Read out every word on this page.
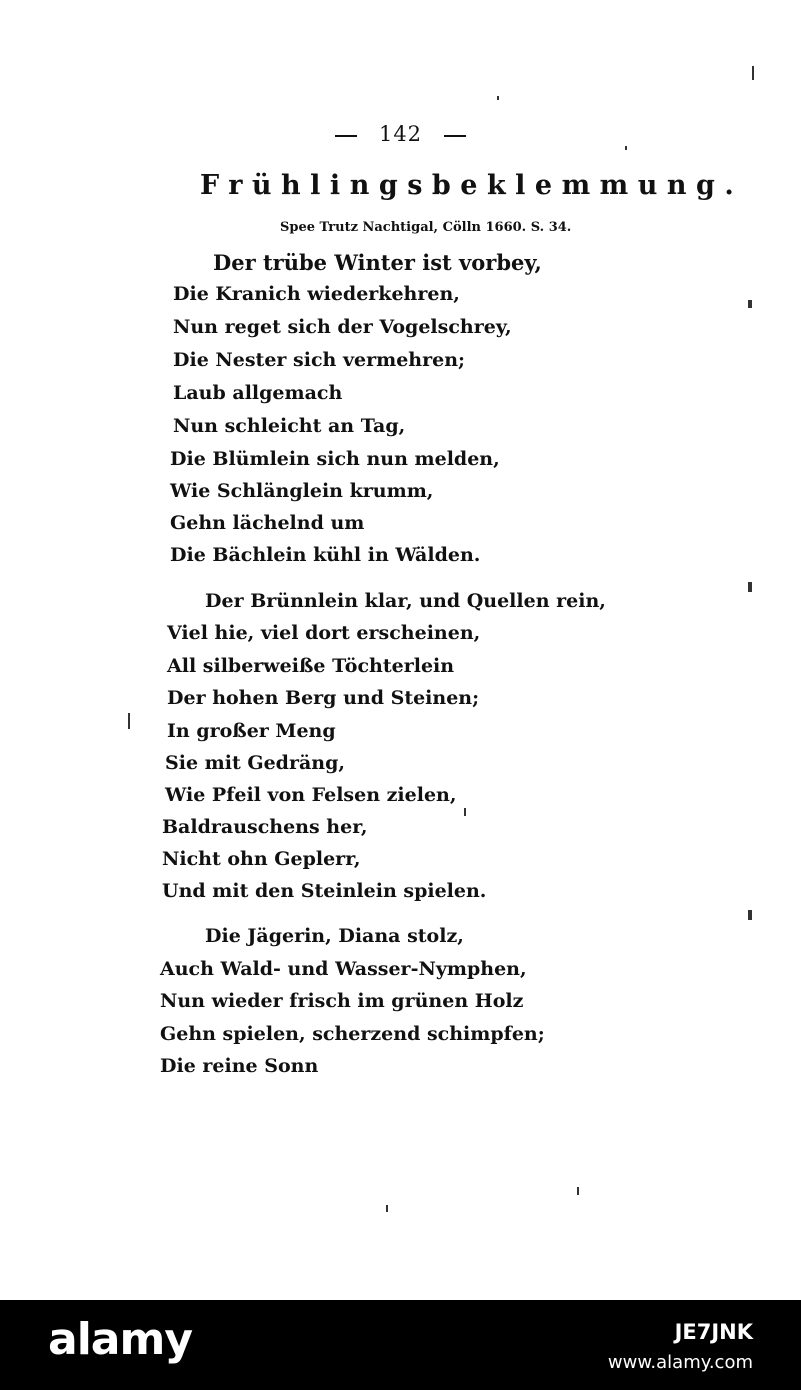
142
Frühlingsbeklemmung.
Spee Trutz Nachtigal, Cölln 1660. S. 34.
Der trübe Winter ist vorbey,
Die Kranich wiederkehren,
Nun reget sich der Vogelschrey,
Die Nester sich vermehren;
Laub allgemach
Nun schleicht an Tag,
Die Blümlein sich nun melden,
Wie Schlänglein krumm,
Gehn lächelnd um
Die Bächlein kühl in Wälden.
Der Brünnlein klar, und Quellen rein,
Viel hie, viel dort erscheinen,
All silberweiße Töchterlein
Der hohen Berg und Steinen;
In großer Meng
Sie mit Gedräng,
Wie Pfeil von Felsen zielen,
Baldrauschens her,
Nicht ohn Geplerr,
Und mit den Steinlein spielen.
Die Jägerin, Diana stolz,
Auch Wald- und Wasser-Nymphen,
Nun wieder frisch im grünen Holz
Gehn spielen, scherzend schimpfen;
Die reine Sonn
alamy	JE7JNK
www.alamy.com
